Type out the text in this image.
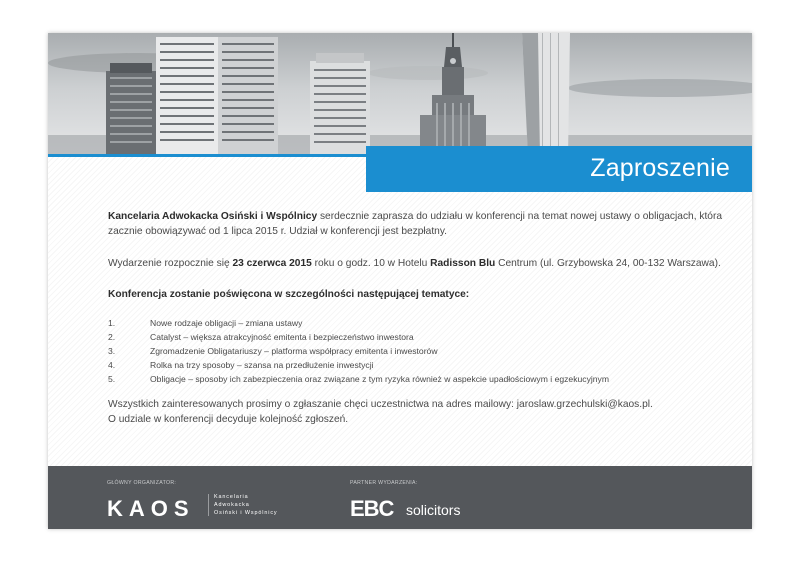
Zaproszenie
Kancelaria Adwokacka Osiński i Wspólnicy serdecznie zaprasza do udziału w konferencji na temat nowej ustawy o obligacjach, która zacznie obowiązywać od 1 lipca 2015 r. Udział w konferencji jest bezpłatny.
Wydarzenie rozpocznie się 23 czerwca 2015 roku o godz. 10 w Hotelu Radisson Blu Centrum (ul. Grzybowska 24, 00-132 Warszawa).
Konferencja zostanie poświęcona w szczególności następującej tematyce:
1.	Nowe rodzaje obligacji – zmiana ustawy
2.	Catalyst – większa atrakcyjność emitenta i bezpieczeństwo inwestora
3.	Zgromadzenie Obligatariuszy – platforma współpracy emitenta i inwestorów
4.	Rolka na trzy sposoby – szansa na przedłużenie inwestycji
5.	Obligacje – sposoby ich zabezpieczenia oraz związane z tym ryzyka również w aspekcie upadłościowym i egzekucyjnym
Wszystkich zainteresowanych prosimy o zgłaszanie chęci uczestnictwa na adres mailowy: jaroslaw.grzechulski@kaos.pl.
O udziale w konferencji decyduje kolejność zgłoszeń.
GŁÓWNY ORGANIZATOR:
KAOS	Kancelaria
Adwokacka
Osiński i Wspólnicy
PARTNER WYDARZENIA:
EBC solicitors
